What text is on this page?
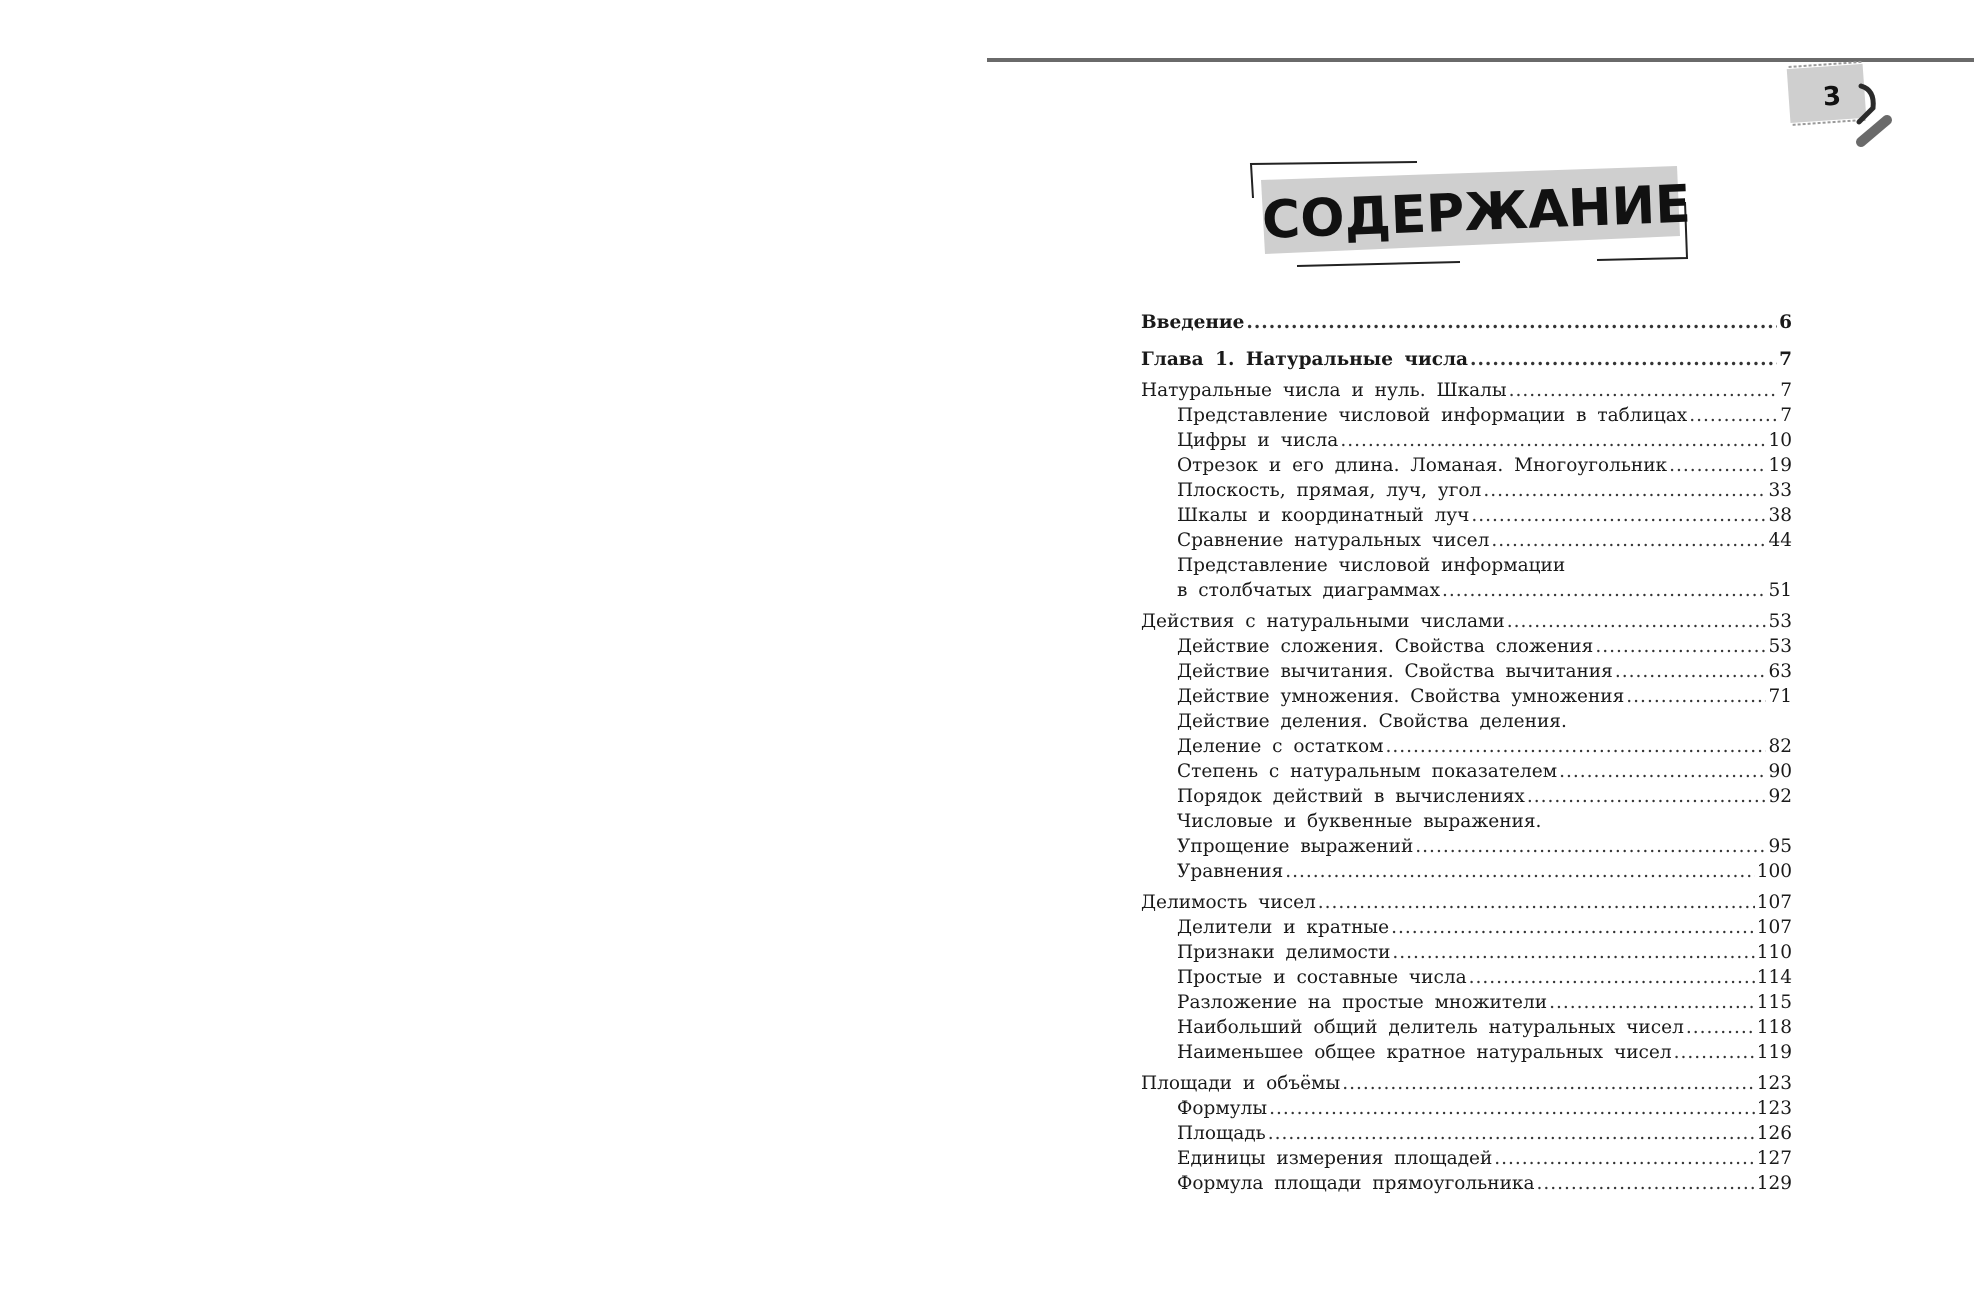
3
СОДЕРЖАНИЕ
Введение .....	6
Глава 1. Натуральные числа .....	7
Натуральные числа и нуль. Шкалы .....	7
Представление числовой информации в таблицах .....	7
Цифры и числа .....	10
Отрезок и его длина. Ломаная. Многоугольник .....	19
Плоскость, прямая, луч, угол .....	33
Шкалы и координатный луч .....	38
Сравнение натуральных чисел .....	44
Представление числовой информации
в столбчатых диаграммах .....	51
Действия с натуральными числами .....	53
Действие сложения. Свойства сложения .....	53
Действие вычитания. Свойства вычитания .....	63
Действие умножения. Свойства умножения .....	71
Действие деления. Свойства деления.
Деление с остатком .....	82
Степень с натуральным показателем .....	90
Порядок действий в вычислениях .....	92
Числовые и буквенные выражения.
Упрощение выражений .....	95
Уравнения .....	100
Делимость чисел .....	107
Делители и кратные .....	107
Признаки делимости .....	110
Простые и составные числа .....	114
Разложение на простые множители .....	115
Наибольший общий делитель натуральных чисел .....	118
Наименьшее общее кратное натуральных чисел .....	119
Площади и объёмы .....	123
Формулы .....	123
Площадь .....	126
Единицы измерения площадей .....	127
Формула площади прямоугольника .....	129
